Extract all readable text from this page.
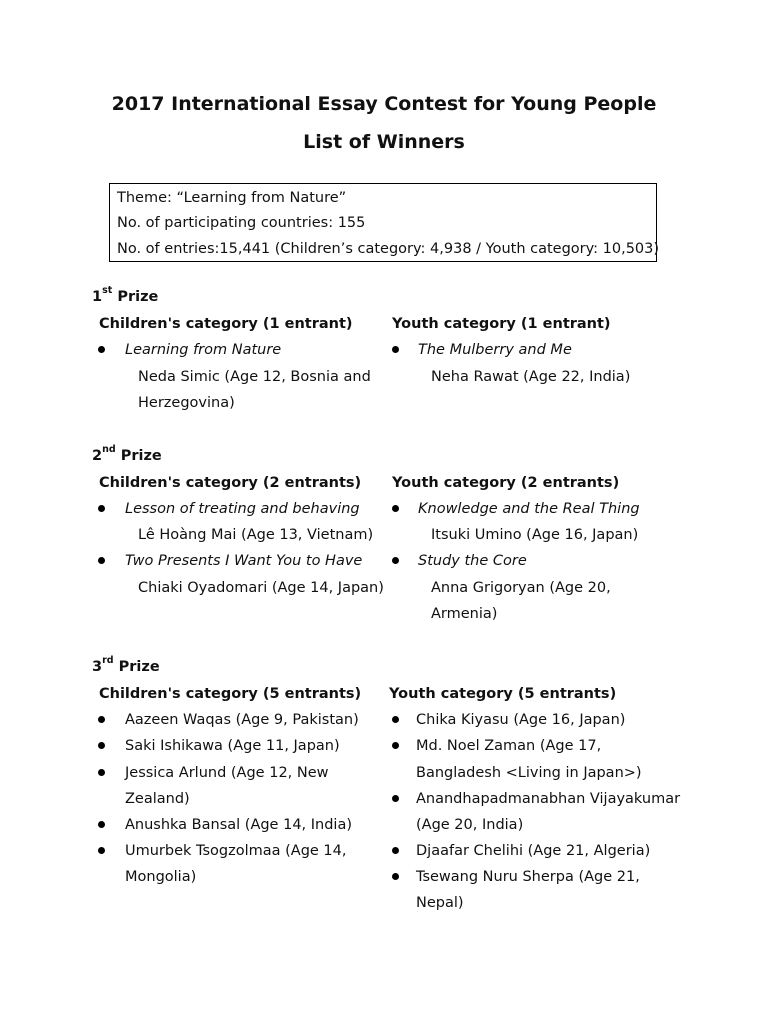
2017 International Essay Contest for Young People
List of Winners
Theme: “Learning from Nature”
No. of participating countries: 155
No. of entries:15,441 (Children’s category: 4,938 / Youth category: 10,503)
1st Prize
Children's category (1 entrant)	Youth category (1 entrant)
Learning from Nature
Neda Simic (Age 12, Bosnia and
Herzegovina)
The Mulberry and Me
Neha Rawat (Age 22, India)
2nd Prize
Children's category (2 entrants) Youth category (2 entrants)
Lesson of treating and behaving
Lê Hoàng Mai (Age 13, Vietnam)
Two Presents I Want You to Have
Chiaki Oyadomari (Age 14, Japan)
Knowledge and the Real Thing
Itsuki Umino (Age 16, Japan)
Study the Core
Anna Grigoryan (Age 20,
Armenia)
3rd Prize
Children's category (5 entrants) Youth category (5 entrants)
Aazeen Waqas (Age 9, Pakistan)
Saki Ishikawa (Age 11, Japan)
Jessica Arlund (Age 12, New
Zealand)
Anushka Bansal (Age 14, India)
Umurbek Tsogzolmaa (Age 14,
Mongolia)
Chika Kiyasu (Age 16, Japan)
Md. Noel Zaman (Age 17,
Bangladesh <Living in Japan>)
Anandhapadmanabhan Vijayakumar
(Age 20, India)
Djaafar Chelihi (Age 21, Algeria)
Tsewang Nuru Sherpa (Age 21,
Nepal)
